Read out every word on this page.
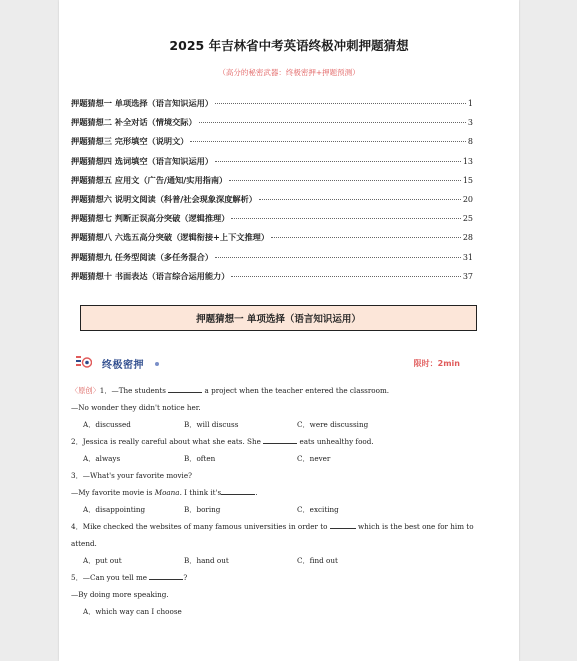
2025 年吉林省中考英语终极冲刺押题猜想
（高分的秘密武器：终极密押+押题预测）
押题猜想一 单项选择（语言知识运用）	1
押题猜想二 补全对话（情境交际）	3
押题猜想三 完形填空（说明文）	8
押题猜想四 选词填空（语言知识运用）	13
押题猜想五 应用文（广告/通知/实用指南）	15
押题猜想六 说明文阅读（科普/社会现象深度解析）	20
押题猜想七 判断正误高分突破（逻辑推理）	25
押题猜想八 六选五高分突破（逻辑衔接+上下文推理）	28
押题猜想九 任务型阅读（多任务混合）	31
押题猜想十 书面表达（语言综合运用能力）	37
押题猜想一 单项选择（语言知识运用）
终极密押	限时：2min
〈原创〉1．—The students	a project when the teacher entered the classroom.
—No wonder they didn't notice her.
A．discussed	B．will discuss	C．were discussing
2．Jessica is really careful about what she eats. She	eats unhealthy food.
A．always	B．often	C．never
3．—What's your favorite movie?
—My favorite movie is Moana. I think it's	.
A．disappointing	B．boring	C．exciting
4．Mike checked the websites of many famous universities in order to	which is the best one for him to
attend.
A．put out	B．hand out	C．find out
5．—Can you tell me	?
—By doing more speaking.
A．which way can I choose
